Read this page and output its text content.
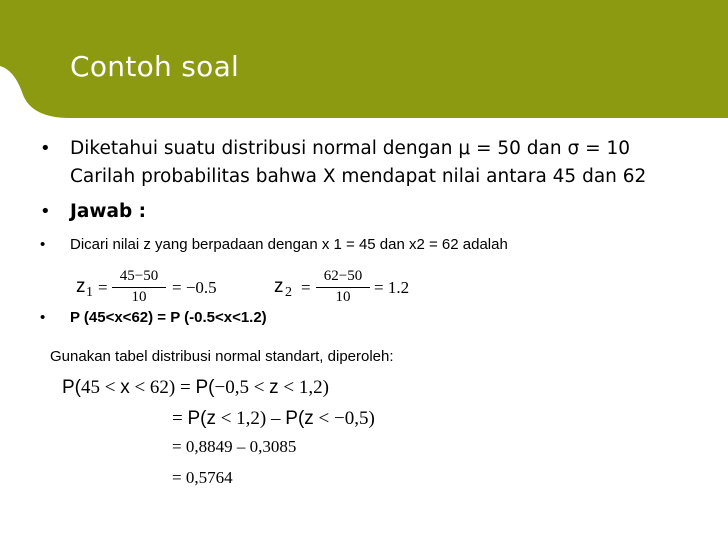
Contoh soal
• Diketahui suatu distribusi normal dengan μ = 50 dan σ = 10
Carilah probabilitas bahwa X mendapat nilai antara 45 dan 62
• Jawab :
• Dicari nilai z yang berpadaan dengan x 1 = 45 dan x2 = 62 adalah
z 1 =
45−50
10	= −0.5	z 2 =
62−50
10	= 1.2
• P (45<x<62) = P (-0.5<x<1.2)
Gunakan tabel distribusi normal standart, diperoleh:
P(45 < x < 62) = P(−0,5 < z < 1,2)
= P(z < 1,2) – P(z < −0,5)
= 0,8849 – 0,3085
= 0,5764
